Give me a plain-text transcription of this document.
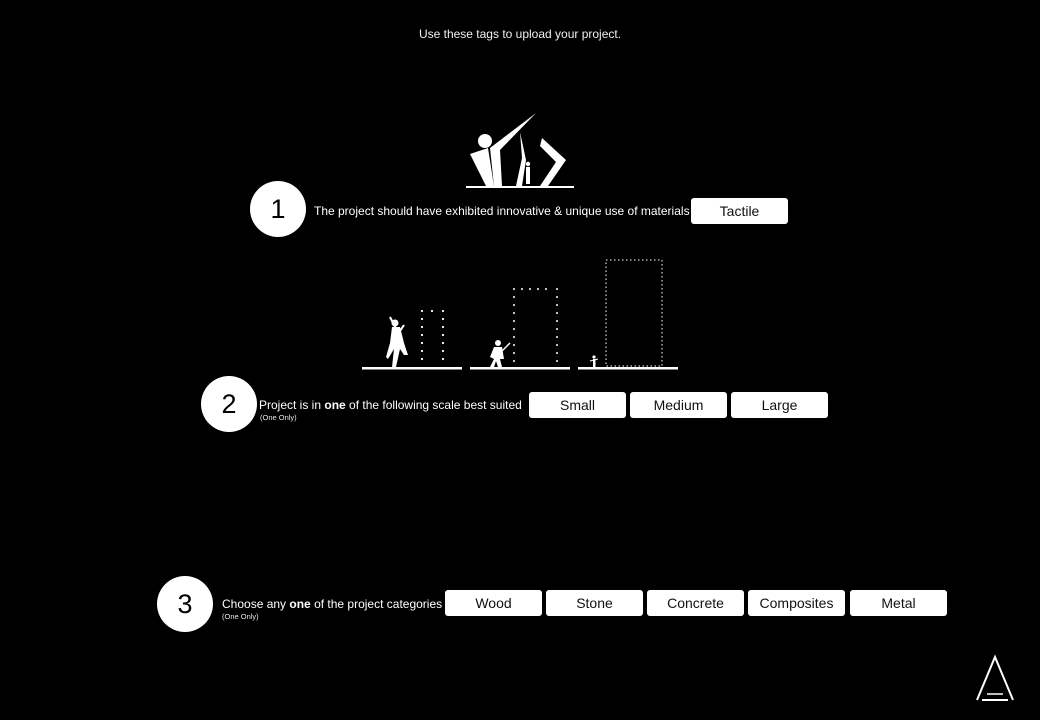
Use these tags to upload your project.
1	The project should have exhibited innovative & unique use of materials	Tactile
2	Project is in one of the following scale best suited
(One Only)
Small	Medium	Large
3	Choose any one of the project categories
(One Only)
Wood	Stone	Concrete	Composites	Metal
